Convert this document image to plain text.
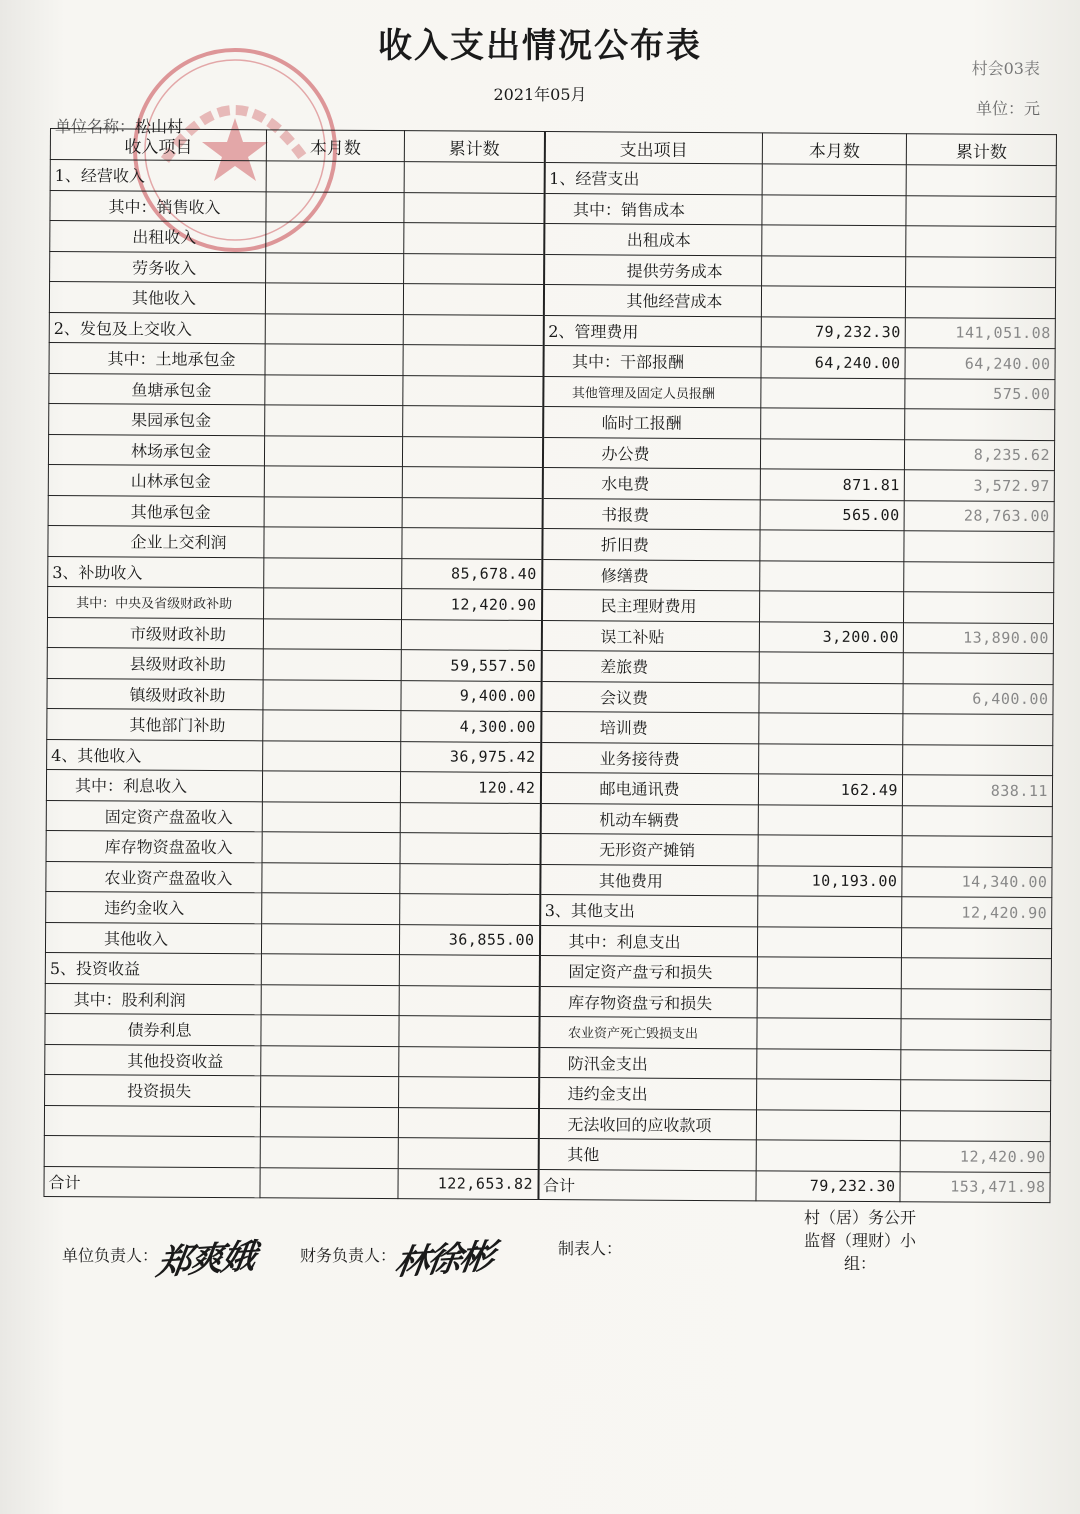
收入支出情况公布表
村会03表
2021年05月
单位：元
单位名称：松山村
收入项目	本月数	累计数	支出项目	本月数	累计数
1、经营收入			1、经营支出		
其中：销售收入			其中：销售成本		
出租收入			出租成本		
劳务收入			提供劳务成本		
其他收入			其他经营成本		
2、发包及上交收入			2、管理费用	79,232.30	141,051.08
其中：土地承包金			其中：干部报酬	64,240.00	64,240.00
鱼塘承包金			其他管理及固定人员报酬		575.00
果园承包金			临时工报酬		
林场承包金			办公费		8,235.62
山林承包金			水电费	871.81	3,572.97
其他承包金			书报费	565.00	28,763.00
企业上交利润			折旧费		
3、补助收入		85,678.40	修缮费		
其中：中央及省级财政补助		12,420.90	民主理财费用		
市级财政补助			误工补贴	3,200.00	13,890.00
县级财政补助		59,557.50	差旅费		
镇级财政补助		9,400.00	会议费		6,400.00
其他部门补助		4,300.00	培训费		
4、其他收入		36,975.42	业务接待费		
其中：利息收入		120.42	邮电通讯费	162.49	838.11
固定资产盘盈收入			机动车辆费		
库存物资盘盈收入			无形资产摊销		
农业资产盘盈收入			其他费用	10,193.00	14,340.00
违约金收入			3、其他支出		12,420.90
其他收入		36,855.00	其中：利息支出		
5、投资收益			固定资产盘亏和损失		
其中：股利利润			库存物资盘亏和损失		
债券利息			农业资产死亡毁损支出		
其他投资收益			防汛金支出		
投资损失			违约金支出		
			无法收回的应收款项		
			其他		12,420.90
合计		122,653.82	合计	79,232.30	153,471.98
单位负责人：郑爽娥	财务负责人：林徐彬	制表人：
村（居）务公开监督（理财）小组：
